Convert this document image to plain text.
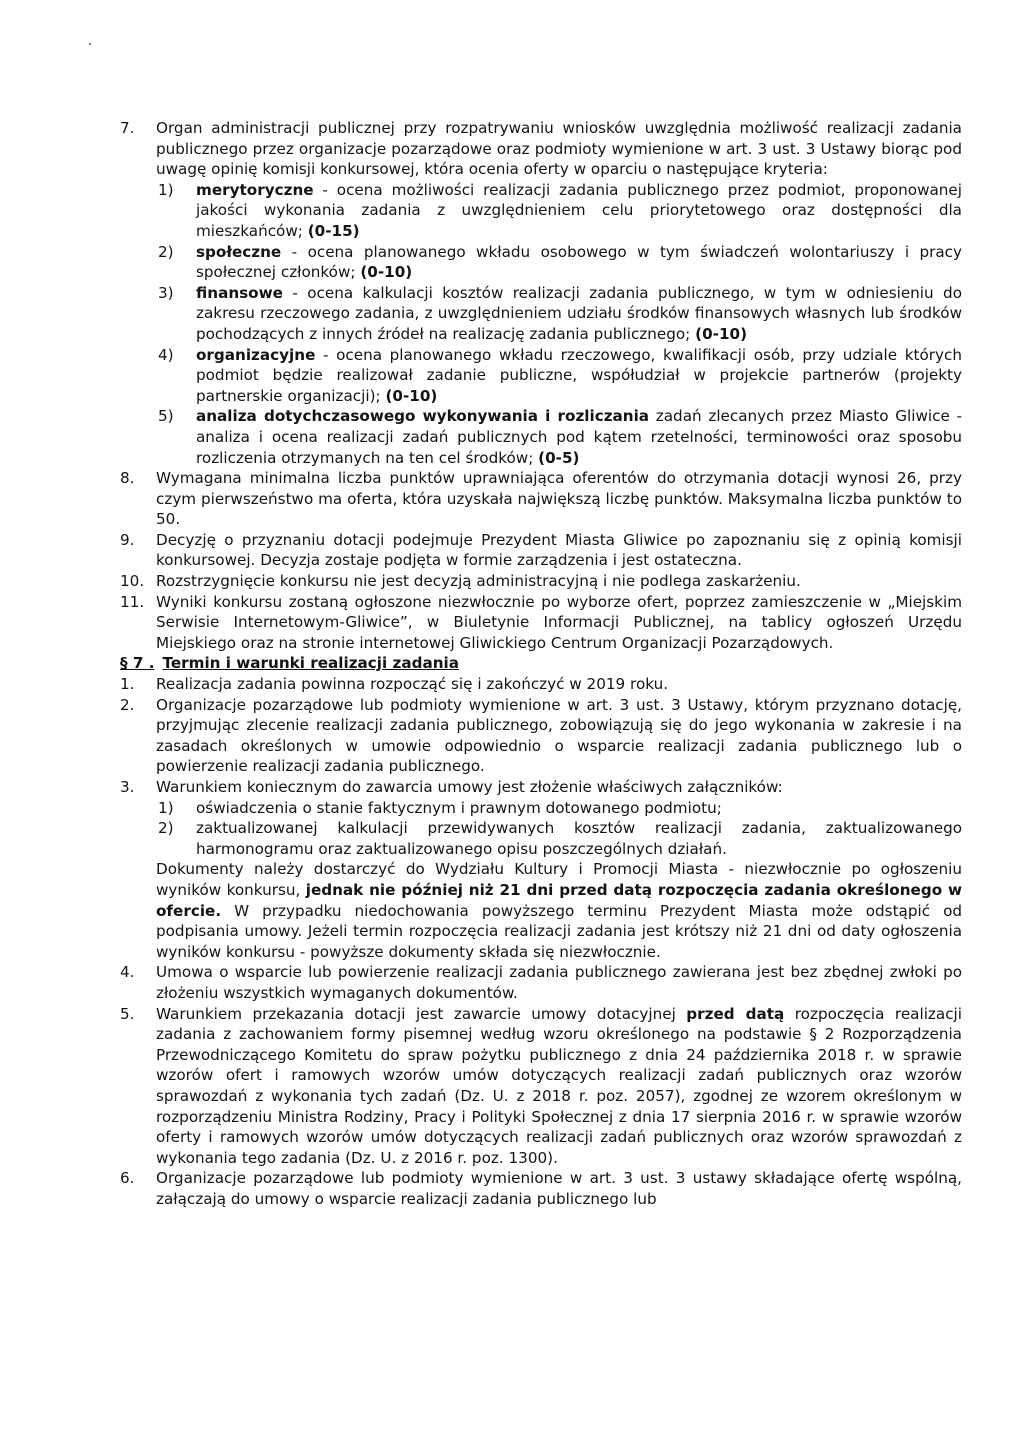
7.	Organ administracji publicznej przy rozpatrywaniu wniosków uwzględnia możliwość realizacji zadania publicznego przez organizacje pozarządowe oraz podmioty wymienione w art. 3 ust. 3 Ustawy biorąc pod uwagę opinię komisji konkursowej, która ocenia oferty w oparciu o następujące kryteria:
1)	merytoryczne - ocena możliwości realizacji zadania publicznego przez podmiot, proponowanej jakości wykonania zadania z uwzględnieniem celu priorytetowego oraz dostępności dla mieszkańców; (0-15)
2)	społeczne - ocena planowanego wkładu osobowego w tym świadczeń wolontariuszy i pracy społecznej członków; (0-10)
3)	finansowe - ocena kalkulacji kosztów realizacji zadania publicznego, w tym w odniesieniu do zakresu rzeczowego zadania, z uwzględnieniem udziału środków finansowych własnych lub środków pochodzących z innych źródeł na realizację zadania publicznego; (0-10)
4)	organizacyjne - ocena planowanego wkładu rzeczowego, kwalifikacji osób, przy udziale których podmiot będzie realizował zadanie publiczne, współudział w projekcie partnerów (projekty partnerskie organizacji); (0-10)
5)	analiza dotychczasowego wykonywania i rozliczania zadań zlecanych przez Miasto Gliwice - analiza i ocena realizacji zadań publicznych pod kątem rzetelności, terminowości oraz sposobu rozliczenia otrzymanych na ten cel środków; (0-5)
8.	Wymagana minimalna liczba punktów uprawniająca oferentów do otrzymania dotacji wynosi 26, przy czym pierwszeństwo ma oferta, która uzyskała największą liczbę punktów. Maksymalna liczba punktów to 50.
9.	Decyzję o przyznaniu dotacji podejmuje Prezydent Miasta Gliwice po zapoznaniu się z opinią komisji konkursowej. Decyzja zostaje podjęta w formie zarządzenia i jest ostateczna.
10. Rozstrzygnięcie konkursu nie jest decyzją administracyjną i nie podlega zaskarżeniu.
11. Wyniki konkursu zostaną ogłoszone niezwłocznie po wyborze ofert, poprzez zamieszczenie w „Miejskim Serwisie Internetowym-Gliwice”, w Biuletynie Informacji Publicznej, na tablicy ogłoszeń Urzędu Miejskiego oraz na stronie internetowej Gliwickiego Centrum Organizacji Pozarządowych.
§ 7 . Termin i warunki realizacji zadania
1.	Realizacja zadania powinna rozpocząć się i zakończyć w 2019 roku.
2.	Organizacje pozarządowe lub podmioty wymienione w art. 3 ust. 3 Ustawy, którym przyznano dotację, przyjmując zlecenie realizacji zadania publicznego, zobowiązują się do jego wykonania w zakresie i na zasadach określonych w umowie odpowiednio o wsparcie realizacji zadania publicznego lub o powierzenie realizacji zadania publicznego.
3.	Warunkiem koniecznym do zawarcia umowy jest złożenie właściwych załączników:
1)	oświadczenia o stanie faktycznym i prawnym dotowanego podmiotu;
2)	zaktualizowanej kalkulacji przewidywanych kosztów realizacji zadania, zaktualizowanego harmonogramu oraz zaktualizowanego opisu poszczególnych działań.
Dokumenty należy dostarczyć do Wydziału Kultury i Promocji Miasta - niezwłocznie po ogłoszeniu wyników konkursu, jednak nie później niż 21 dni przed datą rozpoczęcia zadania określonego w ofercie. W przypadku niedochowania powyższego terminu Prezydent Miasta może odstąpić od podpisania umowy. Jeżeli termin rozpoczęcia realizacji zadania jest krótszy niż 21 dni od daty ogłoszenia wyników konkursu - powyższe dokumenty składa się niezwłocznie.
4.	Umowa o wsparcie lub powierzenie realizacji zadania publicznego zawierana jest bez zbędnej zwłoki po złożeniu wszystkich wymaganych dokumentów.
5.	Warunkiem przekazania dotacji jest zawarcie umowy dotacyjnej przed datą rozpoczęcia realizacji zadania z zachowaniem formy pisemnej według wzoru określonego na podstawie § 2 Rozporządzenia Przewodniczącego Komitetu do spraw pożytku publicznego z dnia 24 października 2018 r. w sprawie wzorów ofert i ramowych wzorów umów dotyczących realizacji zadań publicznych oraz wzorów sprawozdań z wykonania tych zadań (Dz. U. z 2018 r. poz. 2057), zgodnej ze wzorem określonym w rozporządzeniu Ministra Rodziny, Pracy i Polityki Społecznej z dnia 17 sierpnia 2016 r. w sprawie wzorów oferty i ramowych wzorów umów dotyczących realizacji zadań publicznych oraz wzorów sprawozdań z wykonania tego zadania (Dz. U. z 2016 r. poz. 1300).
6.	Organizacje pozarządowe lub podmioty wymienione w art. 3 ust. 3 ustawy składające ofertę wspólną, załączają do umowy o wsparcie realizacji zadania publicznego lub
